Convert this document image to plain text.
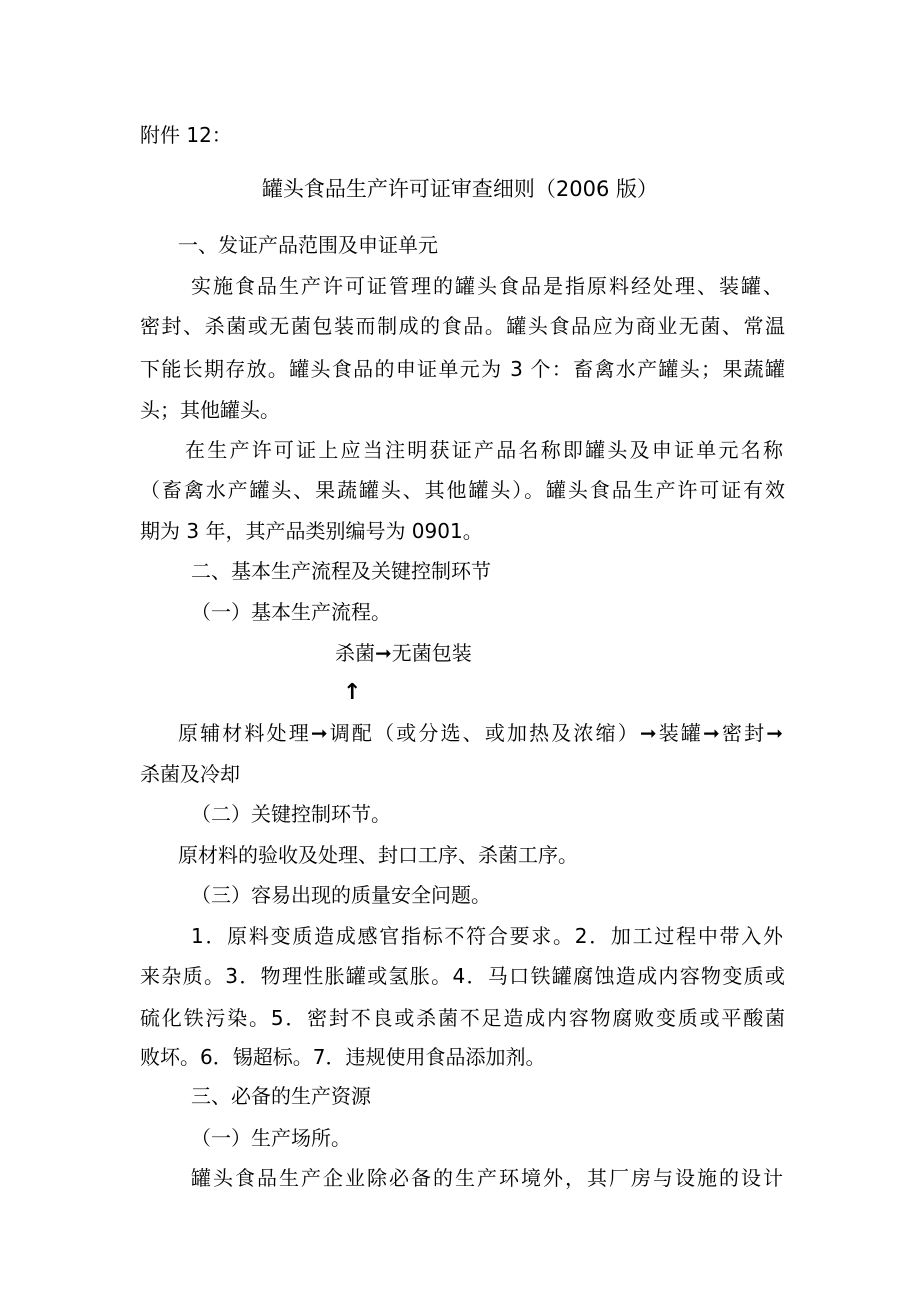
附件 12：
罐头食品生产许可证审查细则（2006 版）
一、发证产品范围及申证单元
实施食品生产许可证管理的罐头食品是指原料经处理、装罐、
密封、杀菌或无菌包装而制成的食品。罐头食品应为商业无菌、常温
下能长期存放。罐头食品的申证单元为 3 个：畜禽水产罐头；果蔬罐
头；其他罐头。
在生产许可证上应当注明获证产品名称即罐头及申证单元名称
（畜禽水产罐头、果蔬罐头、其他罐头）。罐头食品生产许可证有效
期为 3 年，其产品类别编号为 0901。
二、基本生产流程及关键控制环节
（一）基本生产流程。
杀菌➞无菌包装
↑
原辅材料处理➞调配（或分选、或加热及浓缩）➞装罐➞密封➞
杀菌及冷却
（二）关键控制环节。
原材料的验收及处理、封口工序、杀菌工序。
（三）容易出现的质量安全问题。
1．原料变质造成感官指标不符合要求。2．加工过程中带入外
来杂质。3．物理性胀罐或氢胀。4．马口铁罐腐蚀造成内容物变质或
硫化铁污染。5．密封不良或杀菌不足造成内容物腐败变质或平酸菌
败坏。6．锡超标。7．违规使用食品添加剂。
三、必备的生产资源
（一）生产场所。
罐头食品生产企业除必备的生产环境外，其厂房与设施的设计
